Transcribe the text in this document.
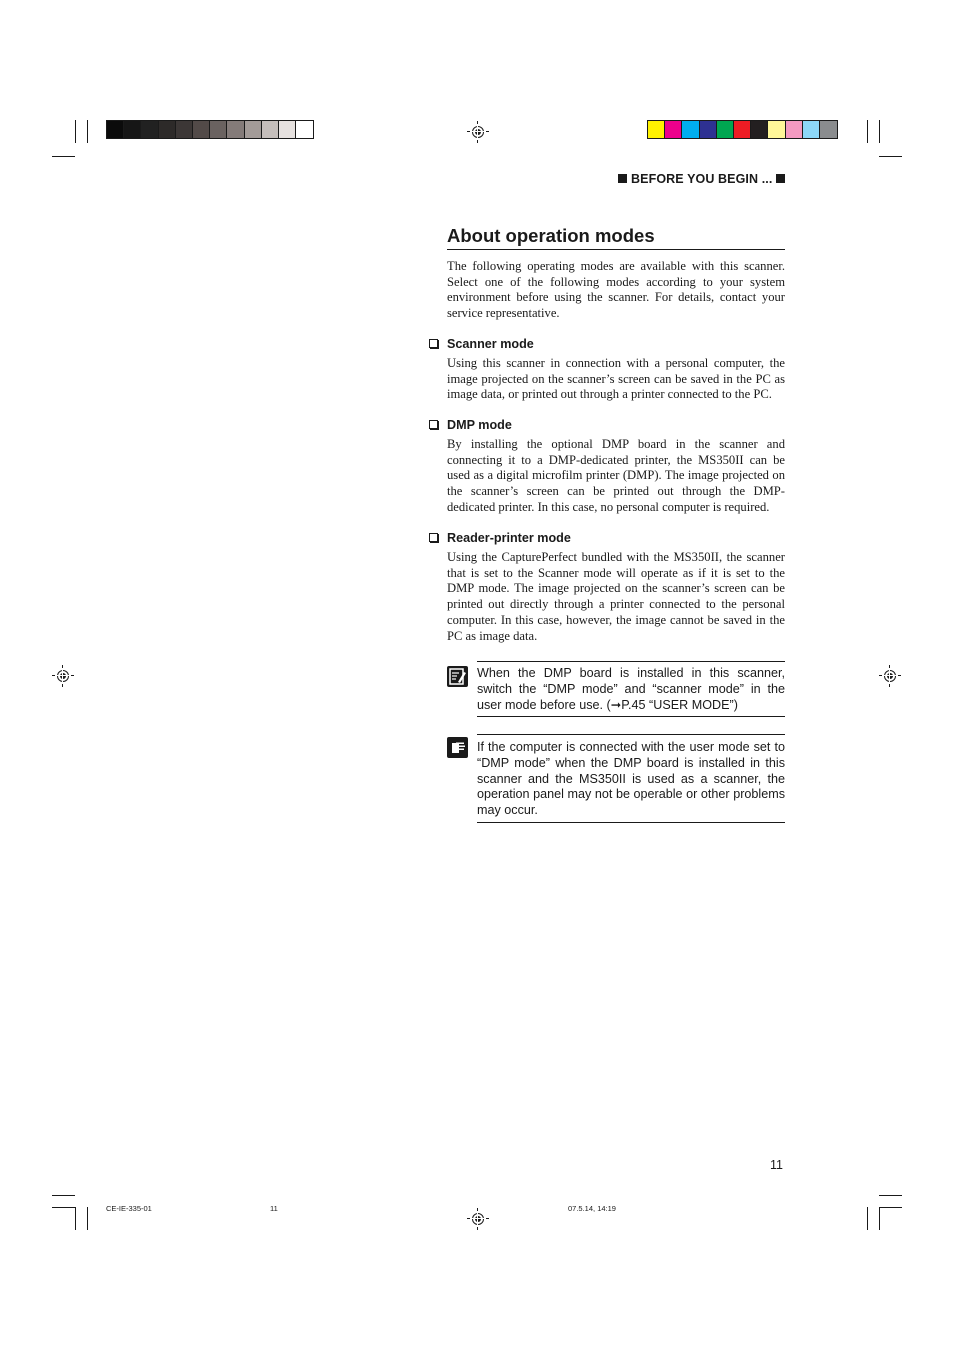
BEFORE YOU BEGIN ...
About operation modes
The following operating modes are available with this scanner. Select one of the following modes according to your system environment before using the scanner. For details, contact your service representative.
Scanner mode
Using this scanner in connection with a personal computer, the image projected on the scanner’s screen can be saved in the PC as image data, or printed out through a printer connected to the PC.
DMP mode
By installing the optional DMP board in the scanner and connecting it to a DMP-dedicated printer, the MS350II can be used as a digital microfilm printer (DMP). The image projected on the scanner’s screen can be printed out through the DMP-dedicated printer. In this case, no personal computer is required.
Reader-printer mode
Using the CapturePerfect bundled with the MS350II, the scanner that is set to the Scanner mode will operate as if it is set to the DMP mode. The image projected on the scanner’s screen can be printed out directly through a printer connected to the personal computer. In this case, however, the image cannot be saved in the PC as image data.
When the DMP board is installed in this scanner, switch the “DMP mode” and “scanner mode” in the user mode before use. (➞P.45 “USER MODE”)
If the computer is connected with the user mode set to “DMP mode” when the DMP board is installed in this scanner and the MS350II is used as a scanner, the operation panel may not be operable or other problems may occur.
11
CE-IE-335-01	11	07.5.14, 14:19
